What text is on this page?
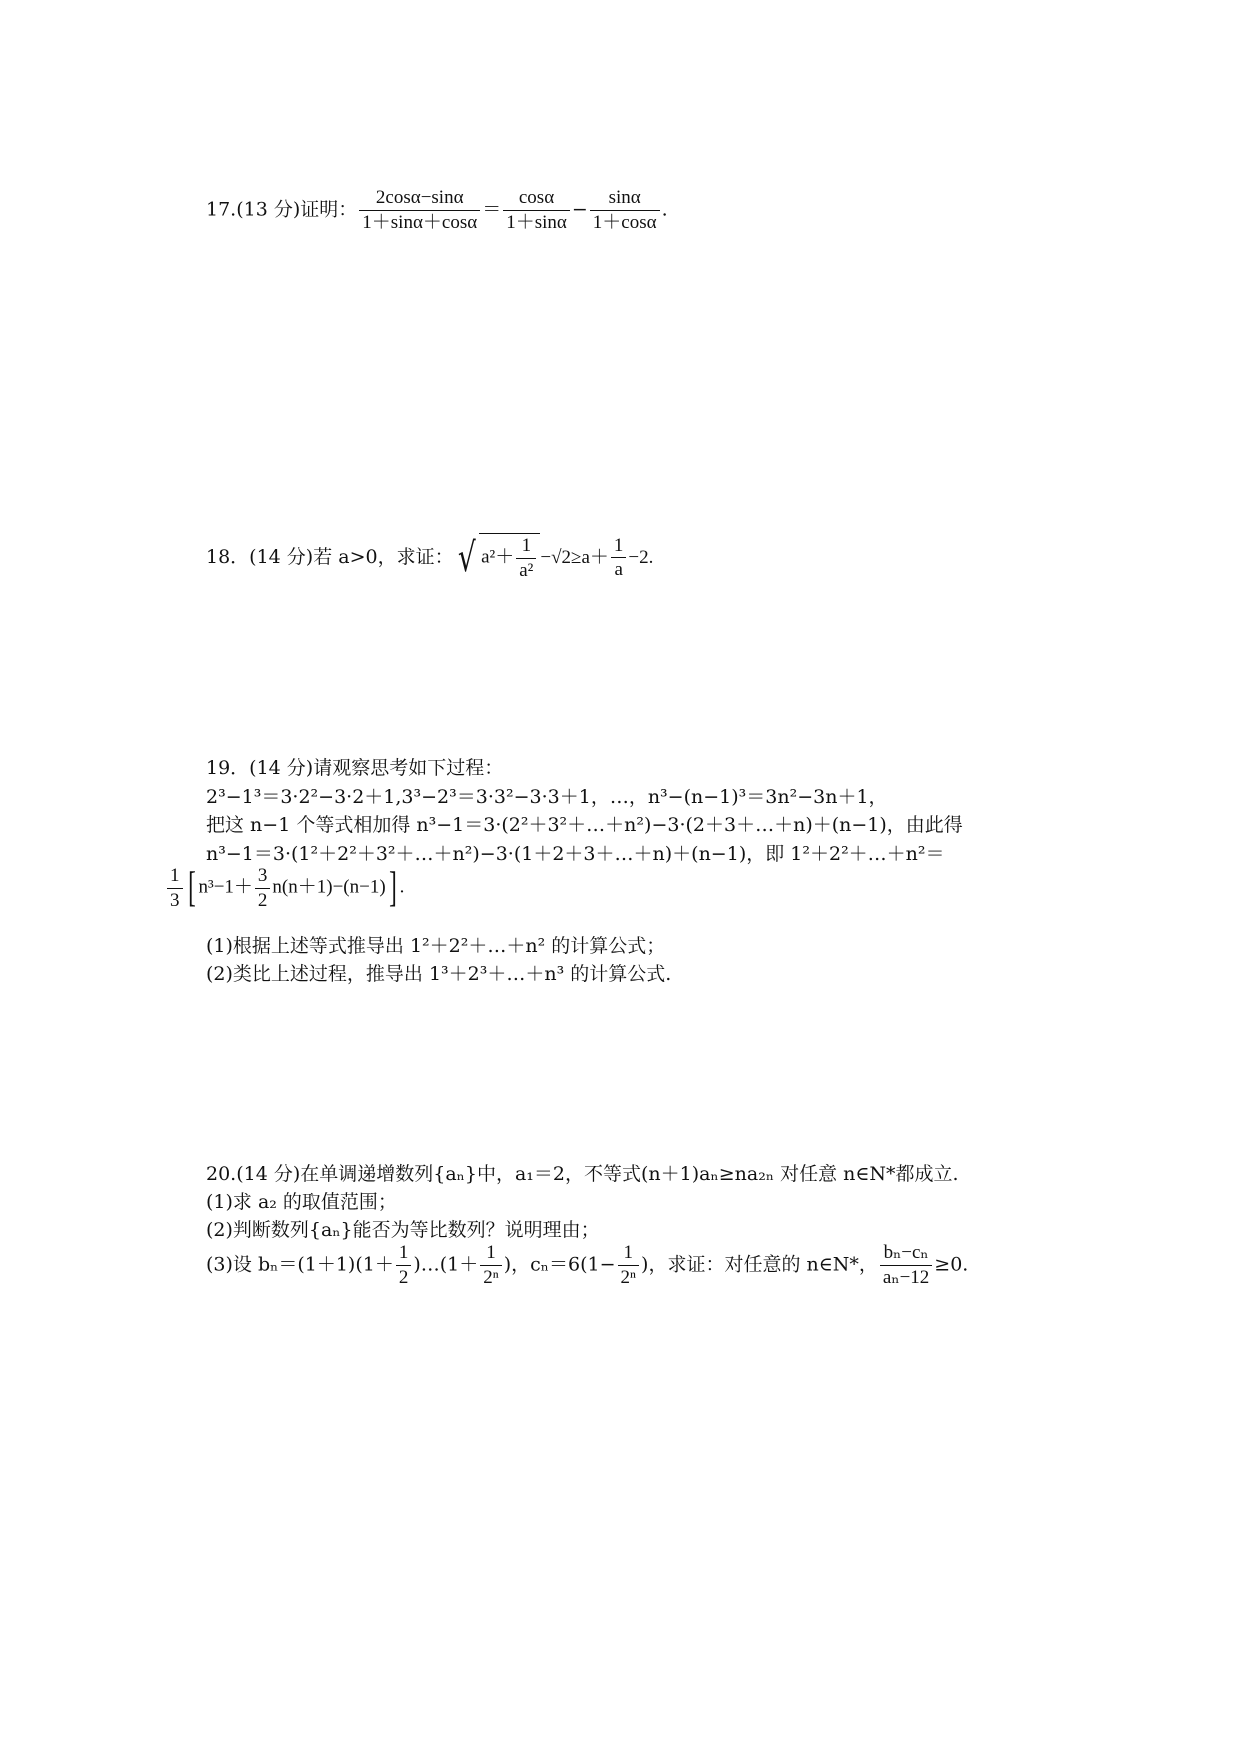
17.(13 分)证明： $\frac{2\cos\alpha-\sin\alpha}{1+\sin\alpha+\cos\alpha} = \frac{\cos\alpha}{1+\sin\alpha} - \frac{\sin\alpha}{1+\cos\alpha}$ .
18．(14 分)若 a>0，求证：√ $a^2+ \frac{1}{\text{a²}} -√2\ge a+ \frac{1}{a} -2$.
19．(14 分)请观察思考如下过程：
2³−1³＝3·2²−3·2＋1,3³−2³＝3·3²−3·3＋1，…，n³−(n−1)³＝3n²−3n＋1，
把这 n−1 个等式相加得 n³−1＝3·(2²＋3²＋…＋n²)−3·(2＋3＋…＋n)＋(n−1)，由此得
n³−1＝3·(1²＋2²＋3²＋…＋n²)−3·(1＋2＋3＋…＋n)＋(n−1)，即 1²＋2²＋…＋n²＝
$\frac{1}{3}$ [ $n^3-1+ \frac{3}{2} n(n+1)-(n-1)$] .
(1)根据上述等式推导出 1²＋2²＋…＋n² 的计算公式；
(2)类比上述过程，推导出 1³＋2³＋…＋n³ 的计算公式.
20.(14 分)在单调递增数列{aₙ}中，a₁＝2，不等式(n＋1)aₙ≥na₂ₙ 对任意 n∈N*都成立.
(1)求 a₂ 的取值范围；
(2)判断数列{aₙ}能否为等比数列？说明理由；
(3)设 $b_n=(1+1)(1+ \frac{1}{2}$ )…(1＋ $\frac{1}{\text{2ⁿ}}$ )，$c_n=6(1- \frac{1}{\text{2ⁿ}}$ )，求证：对任意的 n∈N*， $\frac{\text{bₙ−cₙ}}{\text{aₙ−12}} \ge 0$.
